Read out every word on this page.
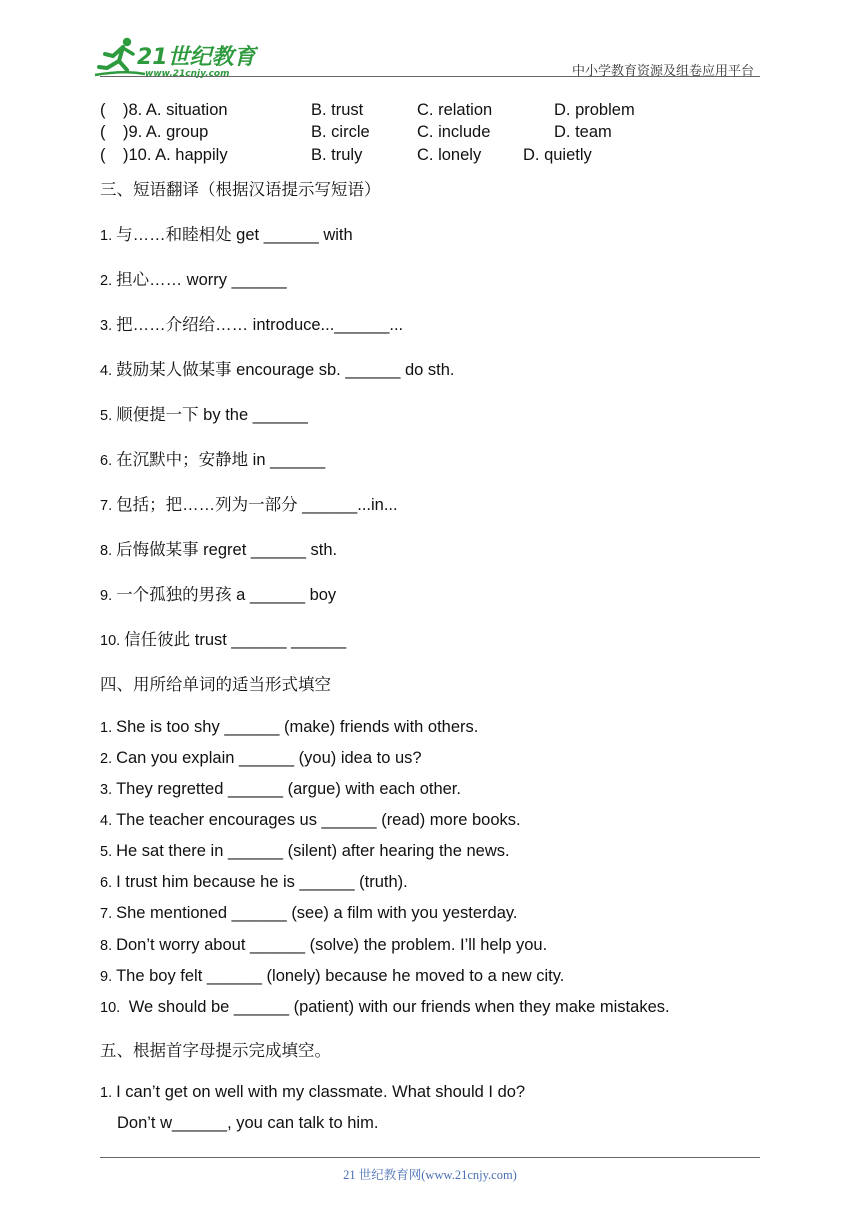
21世纪教育
www.21cnjy.com	中小学教育资源及组卷应用平台
( )8. A. situation	B. trust	C. relation	D. problem
( )9. A. group	B. circle	C. include	D. team
( )10. A. happily	B. truly	C. lonely	D. quietly
三、短语翻译（根据汉语提示写短语）
1. 与……和睦相处 get ______ with
2. 担心…… worry ______
3. 把……介绍给…… introduce...______...
4. 鼓励某人做某事 encourage sb. ______ do sth.
5. 顺便提一下 by the ______
6. 在沉默中；安静地 in ______
7. 包括；把……列为一部分 ______...in...
8. 后悔做某事 regret ______ sth.
9. 一个孤独的男孩 a ______ boy
10. 信任彼此 trust ______ ______
四、用所给单词的适当形式填空
1. She is too shy ______ (make) friends with others.
2. Can you explain ______ (you) idea to us?
3. They regretted ______ (argue) with each other.
4. The teacher encourages us ______ (read) more books.
5. He sat there in ______ (silent) after hearing the news.
6. I trust him because he is ______ (truth).
7. She mentioned ______ (see) a film with you yesterday.
8. Don’t worry about ______ (solve) the problem. I’ll help you.
9. The boy felt ______ (lonely) because he moved to a new city.
10. We should be ______ (patient) with our friends when they make mistakes.
五、根据首字母提示完成填空。
1. I can’t get on well with my classmate. What should I do?
Don’t w______, you can talk to him.
21 世纪教育网(www.21cnjy.com)
